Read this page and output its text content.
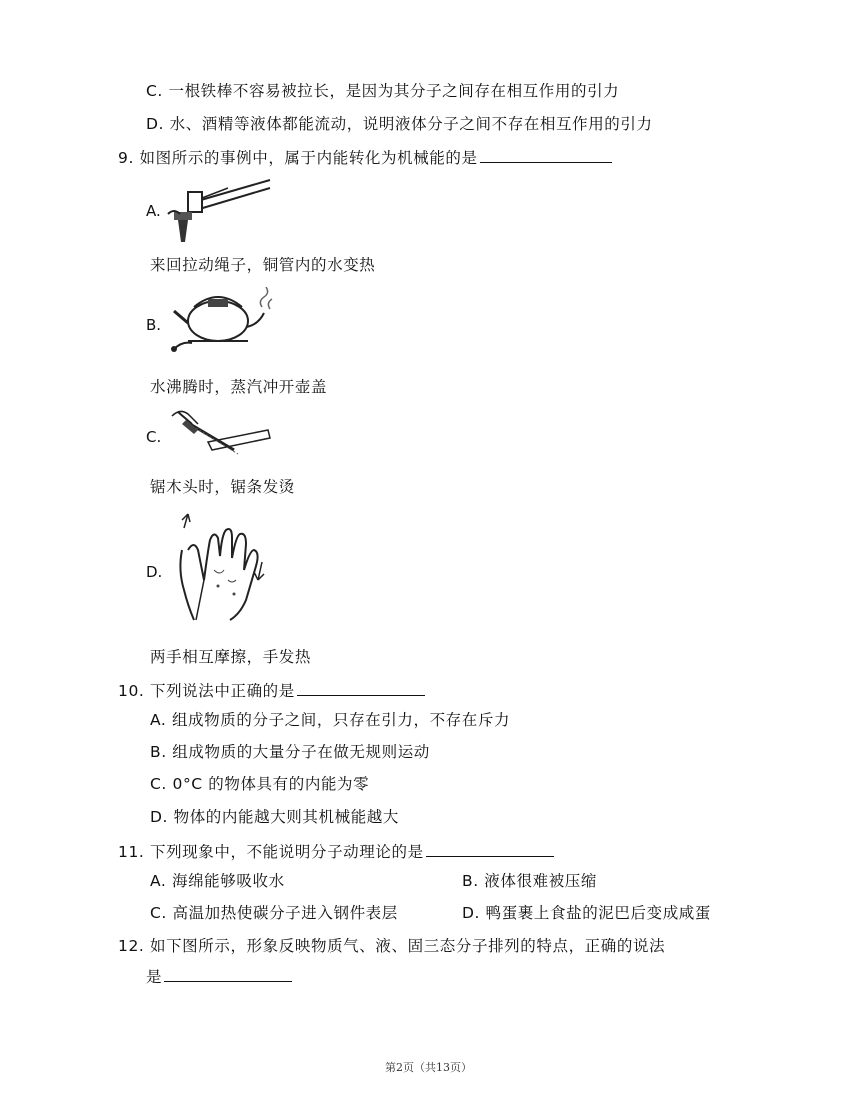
C. 一根铁棒不容易被拉长，是因为其分子之间存在相互作用的引力
D. 水、酒精等液体都能流动，说明液体分子之间不存在相互作用的引力
9. 如图所示的事例中，属于内能转化为机械能的是
A.
来回拉动绳子，铜管内的水变热
B.
水沸腾时，蒸汽冲开壶盖
C.
锯木头时，锯条发烫
D.
两手相互摩擦，手发热
10. 下列说法中正确的是
A. 组成物质的分子之间，只存在引力，不存在斥力
B. 组成物质的大量分子在做无规则运动
C. 0°C 的物体具有的内能为零
D. 物体的内能越大则其机械能越大
11. 下列现象中，不能说明分子动理论的是
A. 海绵能够吸收水	B. 液体很难被压缩
C. 高温加热使碳分子进入钢件表层	D. 鸭蛋裹上食盐的泥巴后变成咸蛋
12. 如下图所示，形象反映物质气、液、固三态分子排列的特点，正确的说法
是
第2页（共13页）
